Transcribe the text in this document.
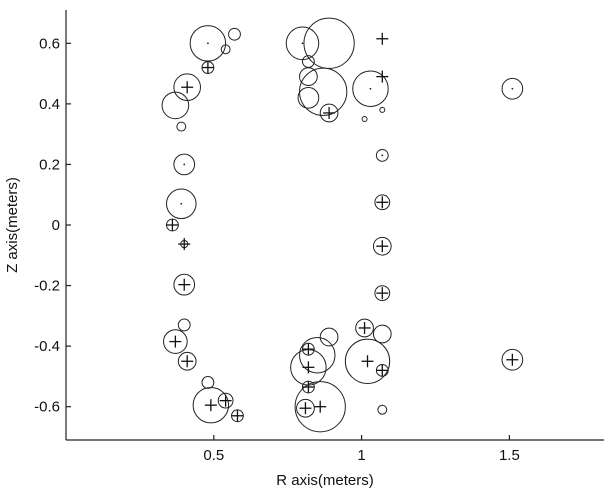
0.5	1	1.5
0.6
0.4
0.2
0
-0.2
-0.4
-0.6
R axis(meters)
Z axis(meters)
